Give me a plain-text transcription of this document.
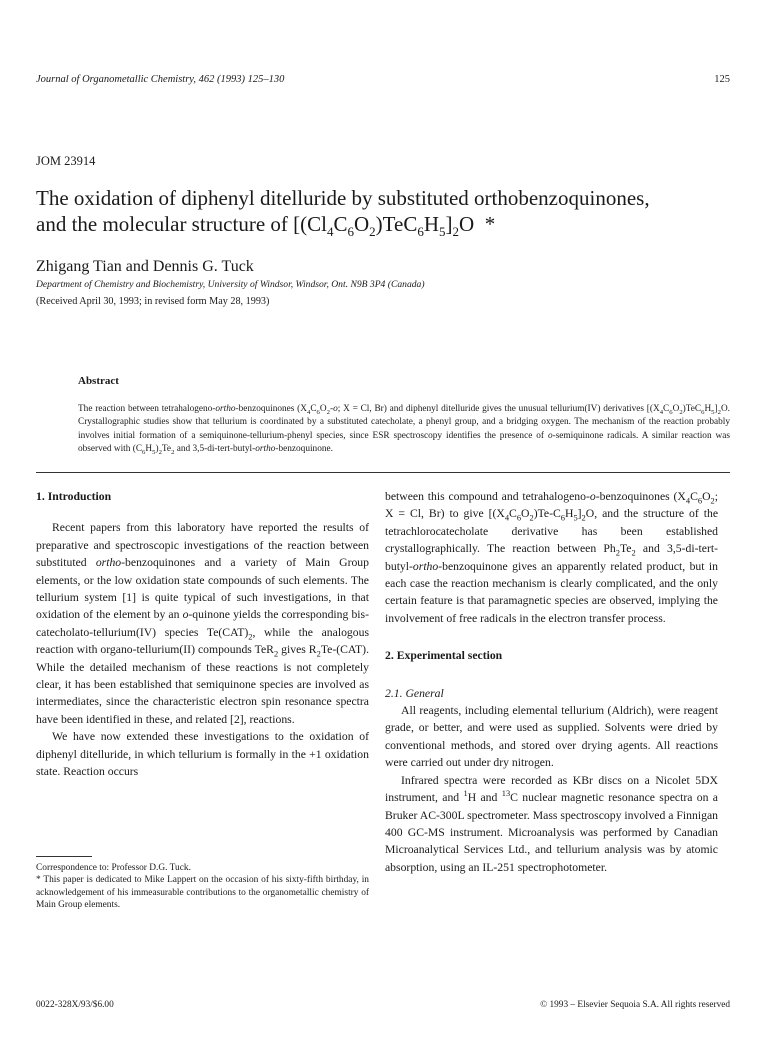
Journal of Organometallic Chemistry, 462 (1993) 125–130	125
JOM 23914
The oxidation of diphenyl ditelluride by substituted orthobenzoquinones,
and the molecular structure of $[(Cl_4C_6O_2)TeC_6H_5]_2O$  *
Zhigang Tian and Dennis G. Tuck
Department of Chemistry and Biochemistry, University of Windsor, Windsor, Ont. N9B 3P4 (Canada)
(Received April 30, 1993; in revised form May 28, 1993)
Abstract
The reaction between tetrahalogeno-ortho-benzoquinones ($X_4C_6O_2-o$; X = Cl, Br) and diphenyl ditelluride gives the unusual tellurium(IV) derivatives $[(X_4C_6O_2)TeC_6H_5]_2O$. Crystallographic studies show that tellurium is coordinated by a substituted catecholate, a phenyl group, and a bridging oxygen. The mechanism of the reaction probably involves initial formation of a semiquinone-tellurium-phenyl species, since ESR spectroscopy identifies the presence of o-semiquinone radicals. A similar reaction was observed with $(C_6H_5)_2Te_2$ and 3,5-di-tert-butyl-ortho-benzoquinone.

1. Introduction

Recent papers from this laboratory have reported the results of preparative and spectroscopic investigations of the reaction between substituted ortho-benzoquinones and a variety of Main Group elements, or the low oxidation state compounds of such elements. The tellurium system [1] is quite typical of such investigations, in that oxidation of the element by an o-quinone yields the corresponding bis-catecholato-tellurium(IV) species $Te(CAT)_2$, while the analogous reaction with organo-tellurium(II) compounds TeR$_2$ gives $R_2Te-(CAT)$. While the detailed mechanism of these reactions is not completely clear, it has been established that semiquinone species are involved as intermediates, since the characteristic electron spin resonance spectra have been identified in these, and related [2], reactions.

We have now extended these investigations to the oxidation of diphenyl ditelluride, in which tellurium is formally in the +1 oxidation state. Reaction occurs

between this compound and tetrahalogeno-o-benzoquinones ($X_4C_6O_2$; X = Cl, Br) to give $[(X_4C_6O_2)Te-C_6H_5]_2O$, and the structure of the tetrachlorocatecholate derivative has been established crystallographically. The reaction between $Ph_2Te_2$ and 3,5-di-tert-butyl-ortho-benzoquinone gives an apparently related product, but in each case the reaction mechanism is clearly complicated, and the only certain feature is that paramagnetic species are observed, implying the involvement of free radicals in the electron transfer process.

2. Experimental section

2.1. General

All reagents, including elemental tellurium (Aldrich), were reagent grade, or better, and were used as supplied. Solvents were dried by conventional methods, and stored over drying agents. All reactions were carried out under dry nitrogen.

Infrared spectra were recorded as KBr discs on a Nicolet 5DX instrument, and $^1$H and $^{13}$C nuclear magnetic resonance spectra on a Bruker AC-300L spectrometer. Mass spectroscopy involved a Finnigan 400 GC-MS instrument. Microanalysis was performed by Canadian Microanalytical Services Ltd., and tellurium analysis was by atomic absorption, using an IL-251 spectrophotometer.

Correspondence to: Professor D.G. Tuck.

* This paper is dedicated to Mike Lappert on the occasion of his sixty-fifth birthday, in acknowledgement of his immeasurable contributions to the organometallic chemistry of Main Group elements.

0022-328X/93/$6.00	© 1993 – Elsevier Sequoia S.A. All rights reserved
